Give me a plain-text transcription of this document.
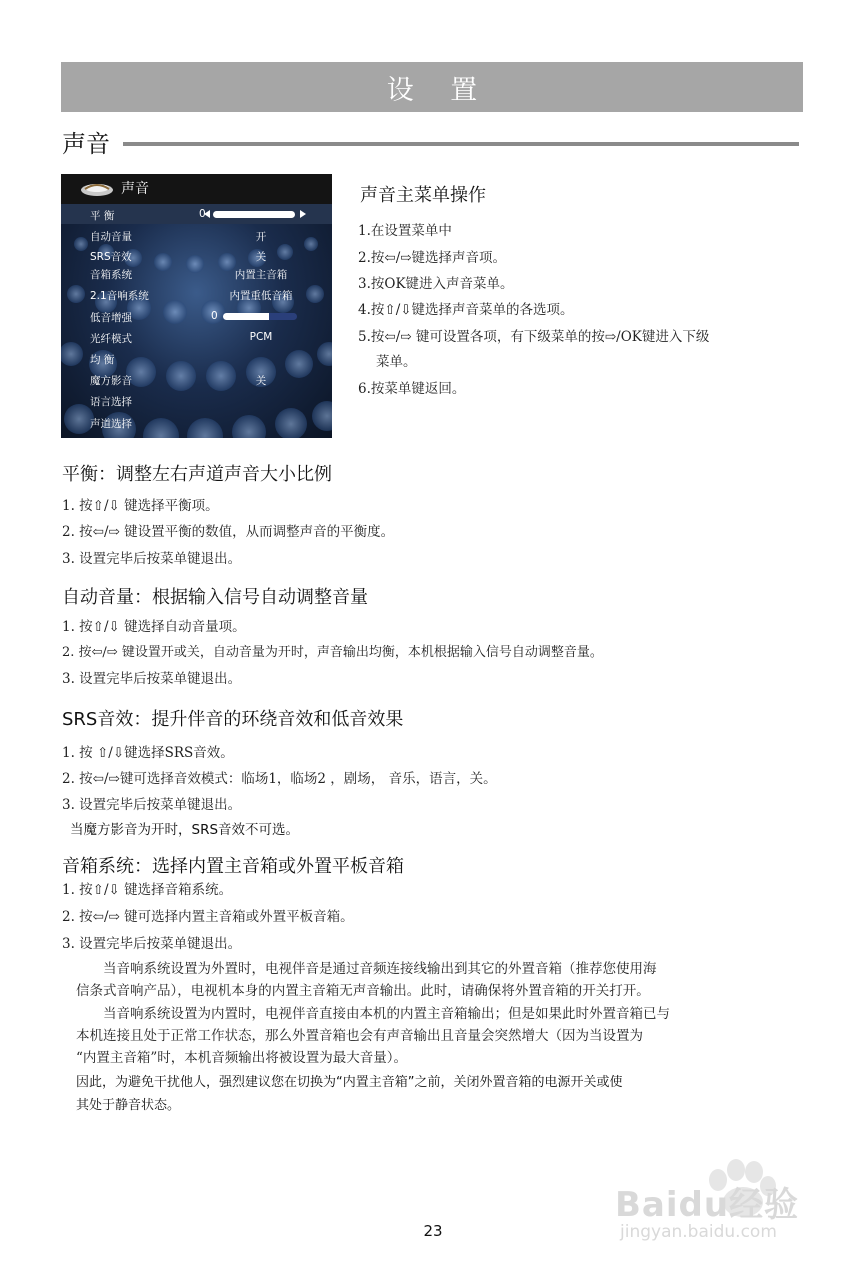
设 置
声音
声音
平 衡	0
自动音量	开
SRS音效	关
音箱系统	内置主音箱
2.1音响系统	内置重低音箱
低音增强	0
光纤模式	PCM
均 衡
魔方影音	关
语言选择
声道选择
声音主菜单操作
1.在设置菜单中
2.按⇦/⇨键选择声音项。
3.按OK键进入声音菜单。
4.按⇧/⇩键选择声音菜单的各选项。
5.按⇦/⇨ 键可设置各项，有下级菜单的按⇨/OK键进入下级
菜单。
6.按菜单键返回。
平衡：调整左右声道声音大小比例
1. 按⇧/⇩ 键选择平衡项。
2. 按⇦/⇨ 键设置平衡的数值，从而调整声音的平衡度。
3. 设置完毕后按菜单键退出。
自动音量：根据输入信号自动调整音量
1. 按⇧/⇩ 键选择自动音量项。
2. 按⇦/⇨ 键设置开或关，自动音量为开时，声音输出均衡，本机根据输入信号自动调整音量。
3. 设置完毕后按菜单键退出。
SRS音效：提升伴音的环绕音效和低音效果
1. 按 ⇧/⇩键选择SRS音效。
2. 按⇦/⇨键可选择音效模式：临场1，临场2 ，剧场， 音乐，语言，关。
3. 设置完毕后按菜单键退出。
当魔方影音为开时，SRS音效不可选。
音箱系统：选择内置主音箱或外置平板音箱
1. 按⇧/⇩ 键选择音箱系统。
2. 按⇦/⇨ 键可选择内置主音箱或外置平板音箱。
3. 设置完毕后按菜单键退出。
当音响系统设置为外置时，电视伴音是通过音频连接线输出到其它的外置音箱（推荐您使用海
信条式音响产品），电视机本身的内置主音箱无声音输出。此时，请确保将外置音箱的开关打开。
当音响系统设置为内置时，电视伴音直接由本机的内置主音箱输出；但是如果此时外置音箱已与
本机连接且处于正常工作状态，那么外置音箱也会有声音输出且音量会突然增大（因为当设置为
“内置主音箱”时，本机音频输出将被设置为最大音量）。
因此，为避免干扰他人，强烈建议您在切换为“内置主音箱”之前，关闭外置音箱的电源开关或使
其处于静音状态。
Baidu经验
jingyan.baidu.com
23
